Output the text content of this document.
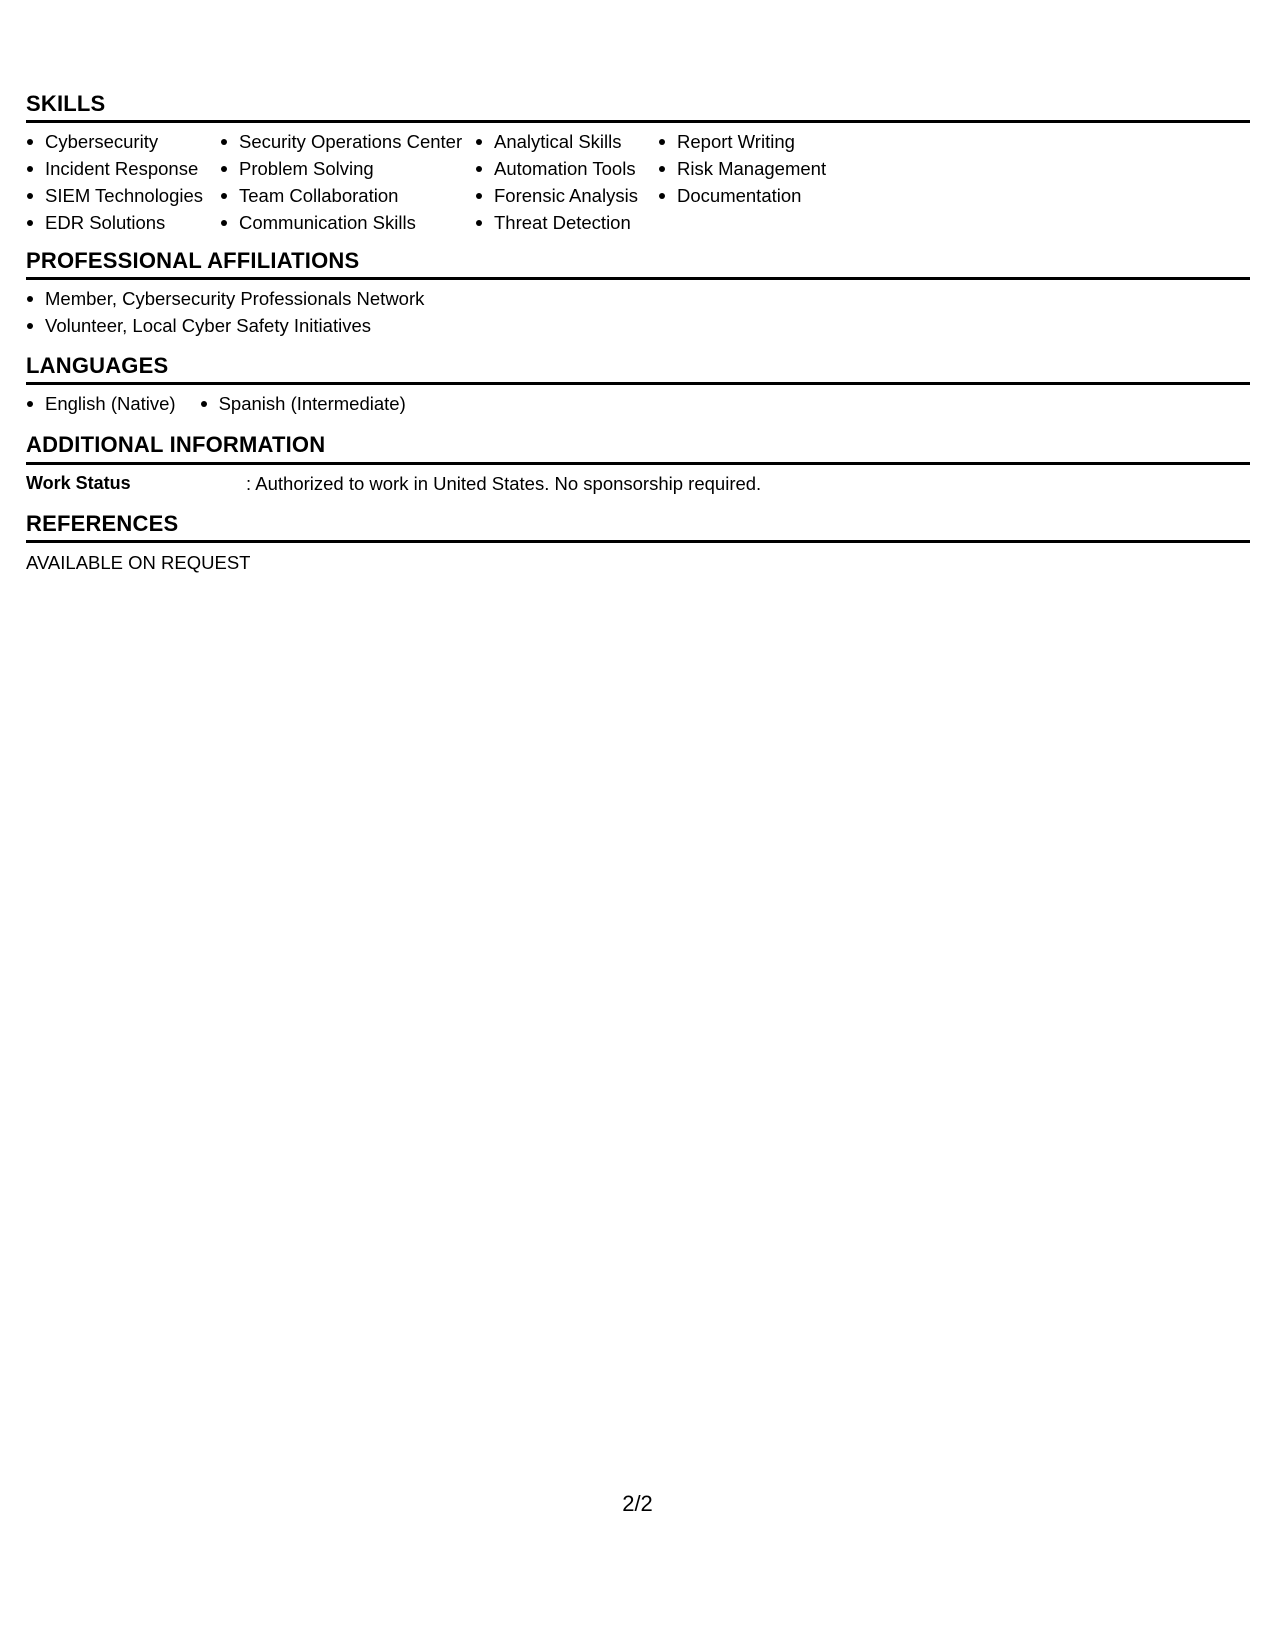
SKILLS
Cybersecurity
Incident Response
SIEM Technologies
EDR Solutions
Security Operations Center
Problem Solving
Team Collaboration
Communication Skills
Analytical Skills
Automation Tools
Forensic Analysis
Threat Detection
Report Writing
Risk Management
Documentation
PROFESSIONAL AFFILIATIONS
Member, Cybersecurity Professionals Network
Volunteer, Local Cyber Safety Initiatives
LANGUAGES
English (Native)	Spanish (Intermediate)
ADDITIONAL INFORMATION
Work Status	: Authorized to work in United States. No sponsorship required.
REFERENCES
AVAILABLE ON REQUEST
2/2
